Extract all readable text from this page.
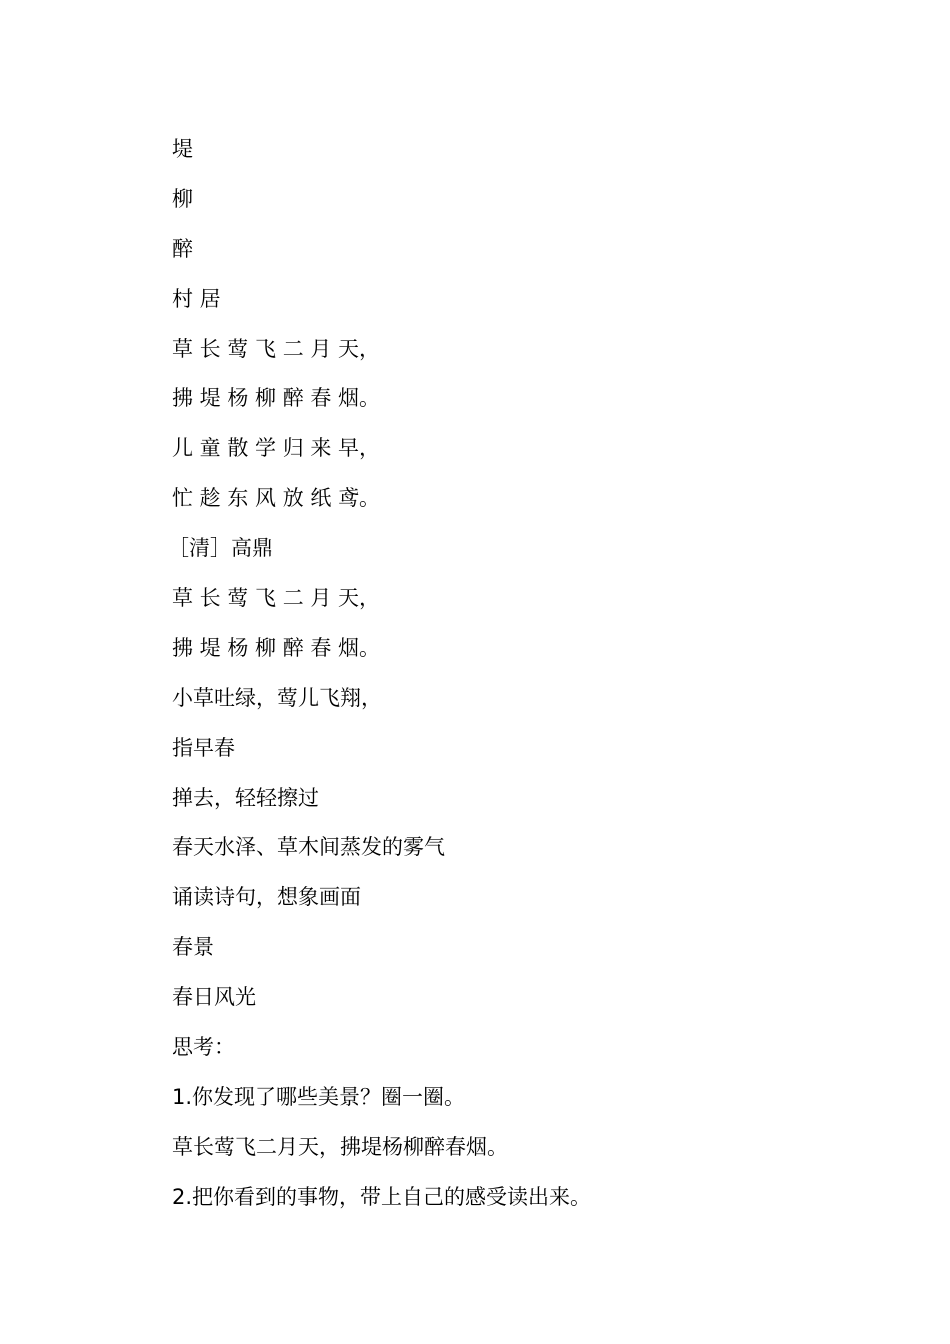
堤

柳

醉

村 居

草 长 莺 飞 二 月 天，

拂 堤 杨 柳 醉 春 烟。

儿 童 散 学 归 来 早，

忙 趁 东 风 放 纸 鸢。

［清］高鼎

草 长 莺 飞 二 月 天，

拂 堤 杨 柳 醉 春 烟。

小草吐绿，莺儿飞翔，

指早春

掸去，轻轻擦过

春天水泽、草木间蒸发的雾气

诵读诗句，想象画面

春景

春日风光

思考：

1.你发现了哪些美景？圈一圈。

草长莺飞二月天，拂堤杨柳醉春烟。

2.把你看到的事物，带上自己的感受读出来。
